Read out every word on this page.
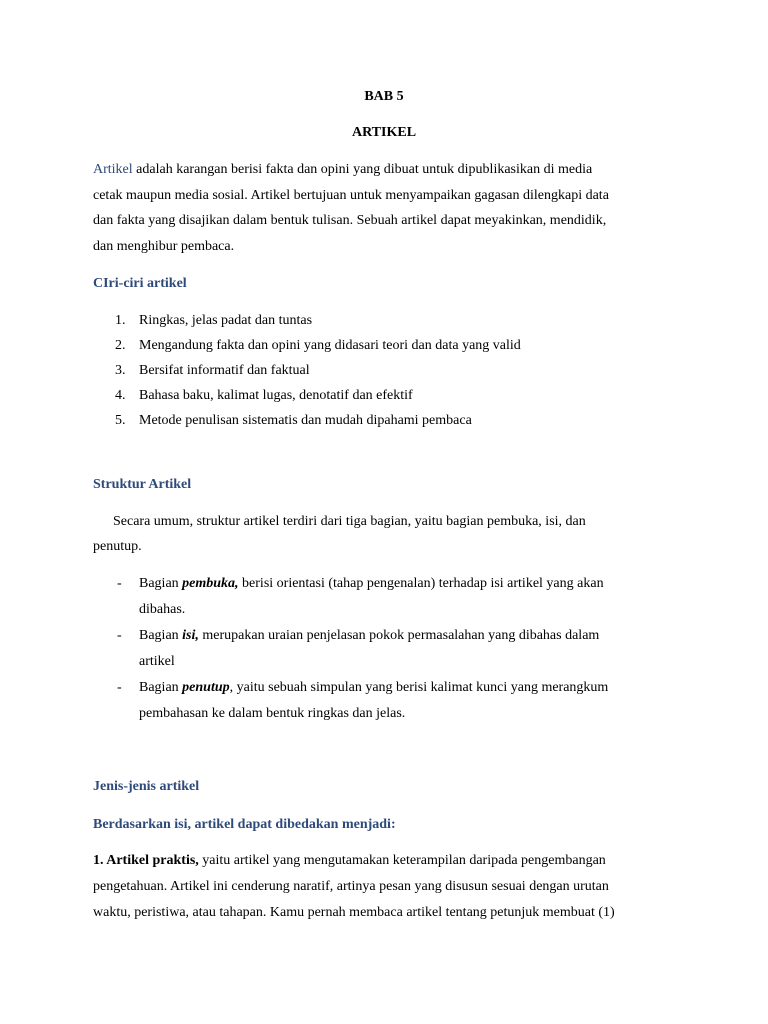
BAB 5
ARTIKEL
Artikel adalah karangan berisi fakta dan opini yang dibuat untuk dipublikasikan di media
cetak maupun media sosial. Artikel bertujuan untuk menyampaikan gagasan dilengkapi data
dan fakta yang disajikan dalam bentuk tulisan. Sebuah artikel dapat meyakinkan, mendidik,
dan menghibur pembaca.
CIri-ciri artikel
1. Ringkas, jelas padat dan tuntas
2. Mengandung fakta dan opini yang didasari teori dan data yang valid
3. Bersifat informatif dan faktual
4. Bahasa baku, kalimat lugas, denotatif dan efektif
5. Metode penulisan sistematis dan mudah dipahami pembaca
Struktur Artikel
Secara umum, struktur artikel terdiri dari tiga bagian, yaitu bagian pembuka, isi, dan
penutup.
- Bagian pembuka, berisi orientasi (tahap pengenalan) terhadap isi artikel yang akan
dibahas.
- Bagian isi, merupakan uraian penjelasan pokok permasalahan yang dibahas dalam
artikel
- Bagian penutup, yaitu sebuah simpulan yang berisi kalimat kunci yang merangkum
pembahasan ke dalam bentuk ringkas dan jelas.
Jenis-jenis artikel
Berdasarkan isi, artikel dapat dibedakan menjadi:
1. Artikel praktis, yaitu artikel yang mengutamakan keterampilan daripada pengembangan
pengetahuan. Artikel ini cenderung naratif, artinya pesan yang disusun sesuai dengan urutan
waktu, peristiwa, atau tahapan. Kamu pernah membaca artikel tentang petunjuk membuat (1)
